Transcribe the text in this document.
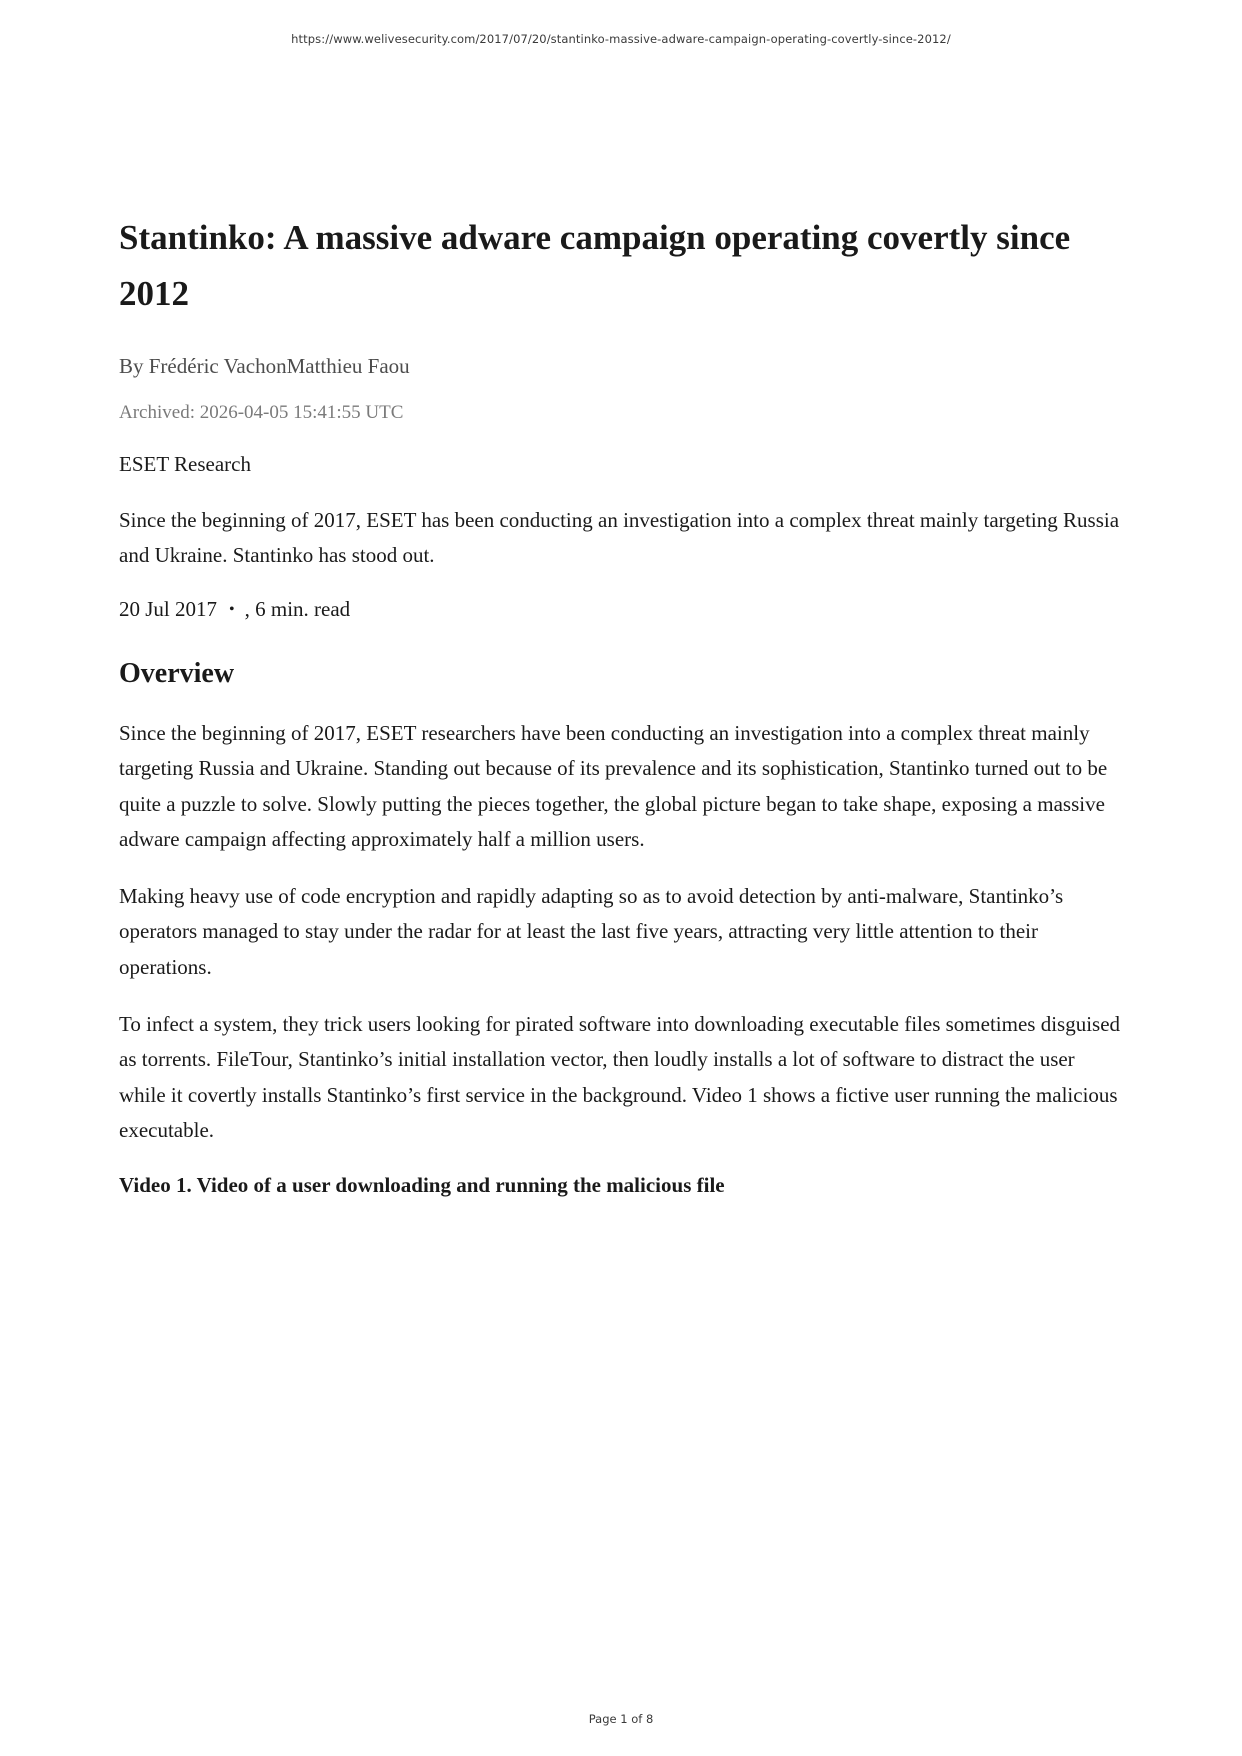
https://www.welivesecurity.com/2017/07/20/stantinko-massive-adware-campaign-operating-covertly-since-2012/
Stantinko: A massive adware campaign operating covertly since 2012

By Frédéric VachonMatthieu Faou

Archived: 2026-04-05 15:41:55 UTC

ESET Research

Since the beginning of 2017, ESET has been conducting an investigation into a complex threat mainly targeting Russia and Ukraine. Stantinko has stood out.

20 Jul 2017 • , 6 min. read

Overview

Since the beginning of 2017, ESET researchers have been conducting an investigation into a complex threat mainly targeting Russia and Ukraine. Standing out because of its prevalence and its sophistication, Stantinko turned out to be quite a puzzle to solve. Slowly putting the pieces together, the global picture began to take shape, exposing a massive adware campaign affecting approximately half a million users.

Making heavy use of code encryption and rapidly adapting so as to avoid detection by anti-malware, Stantinko’s operators managed to stay under the radar for at least the last five years, attracting very little attention to their operations.

To infect a system, they trick users looking for pirated software into downloading executable files sometimes disguised as torrents. FileTour, Stantinko’s initial installation vector, then loudly installs a lot of software to distract the user while it covertly installs Stantinko’s first service in the background. Video 1 shows a fictive user running the malicious executable.

Video 1. Video of a user downloading and running the malicious file

Page 1 of 8
